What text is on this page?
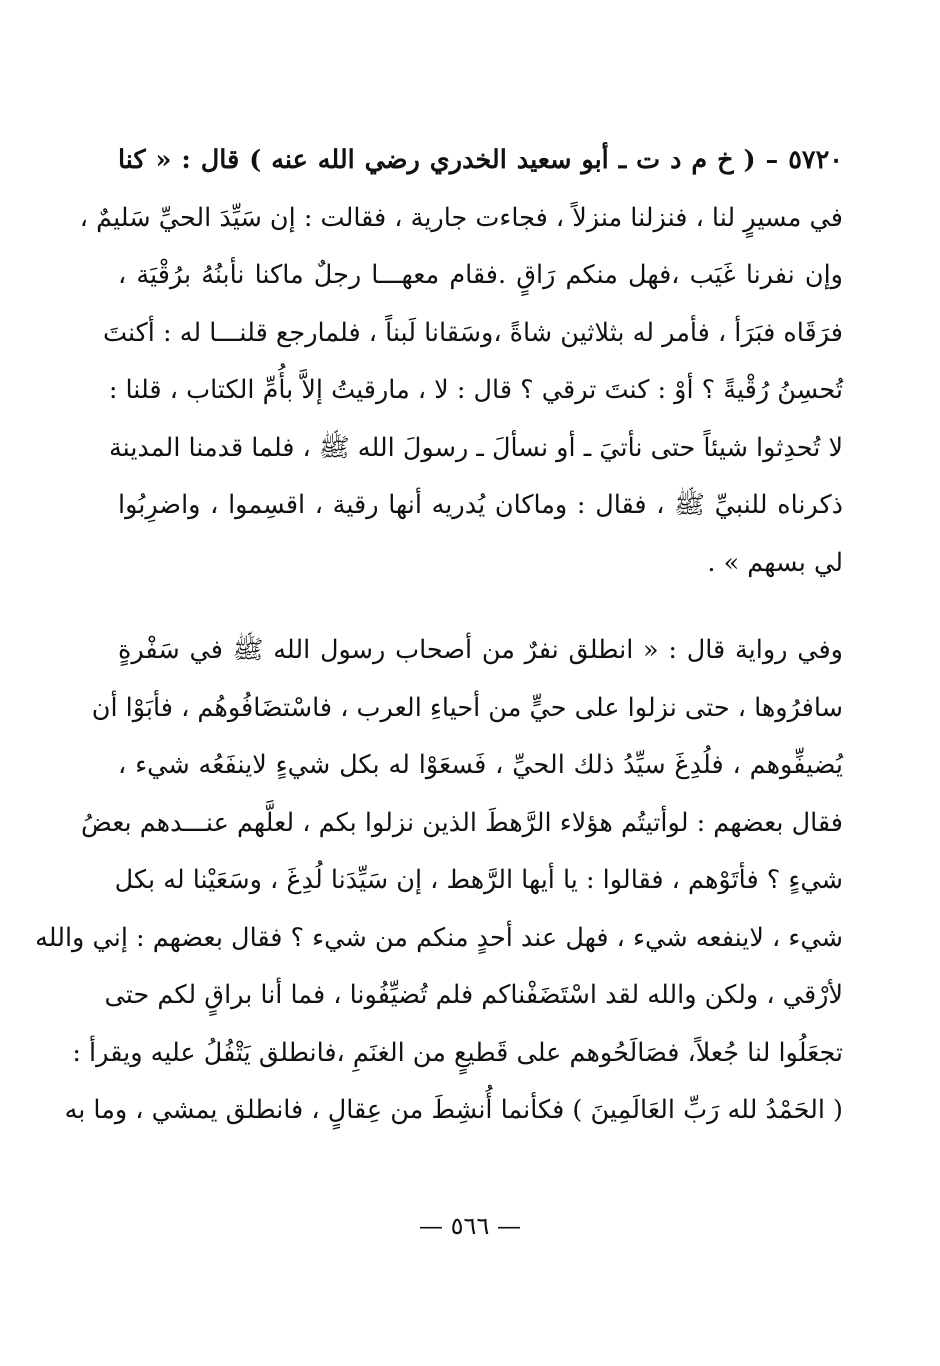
٥٧٢٠ – ( خ م د ت ـ أبو سعيد الخدري رضي الله عنه ) قال : « كنا
في مسيرٍ لنا ، فنزلنا منزلاً ، فجاءت جارية ، فقالت : إن سَيِّدَ الحيِّ سَليمٌ ،
وإن نفرنا غَيَب ،فهل منكم رَاقٍ .فقام معهـــا رجلٌ ماكنا نأبنُهُ برُقْيَة ،
فرَقَاه فبَرَأ ، فأمر له بثلاثين شاةً ،وسَقانا لَبناً ، فلمارجع قلنـــا له : أكنتَ
تُحسِنُ رُقْيةً ؟ أوْ : كنتَ ترقي ؟ قال : لا ، مارقيتُ إلاَّ بأُمِّ الكتاب ، قلنا :
لا تُحدِثوا شيئاً حتى نأتيَ ـ أو نسألَ ـ رسولَ الله ﷺ ، فلما قدمنا المدينة
ذكرناه للنبيِّ ﷺ ، فقال : وماكان يُدريه أنها رقية ، اقسِموا ، واضرِبُوا
لي بسهم » .
وفي رواية قال : « انطلق نفرٌ من أصحاب رسول الله ﷺ في سَفْرةٍ
سافرُوها ، حتى نزلوا على حيٍّ من أحياءِ العرب ، فاسْتضَافُوهُم ، فأبَوْا أن
يُضيفِّوهم ، فلُدِغَ سيِّدُ ذلك الحيِّ ، فَسعَوْا له بكل شيءٍ لاينفَعُه شيء ،
فقال بعضهم : لوأتيتُم هؤلاء الرَّهطَ الذين نزلوا بكم ، لعلَّهم عنـــدهم بعضُ
شيءٍ ؟ فأتَوْهم ، فقالوا : يا أيها الرَّهط ، إن سَيِّدَنا لُدِغَ ، وسَعَيْنا له بكل
شيء ، لاينفعه شيء ، فهل عند أحدٍ منكم من شيء ؟ فقال بعضهم : إني والله
لأرْقي ، ولكن والله لقد اسْتَضَفْناكم فلم تُضيِّفُونا ، فما أنا براقٍ لكم حتى
تجعَلُوا لنا جُعلاً، فصَالَحُوهم على قَطيعٍ من الغنَمِ ،فانطلق يَتْفُلُ عليه ويقرأ :
( الحَمْدُ لله رَبِّ العَالَمِينَ ) فكأنما أُنشِطَ من عِقالٍ ، فانطلق يمشي ، وما به
— ٥٦٦ —
